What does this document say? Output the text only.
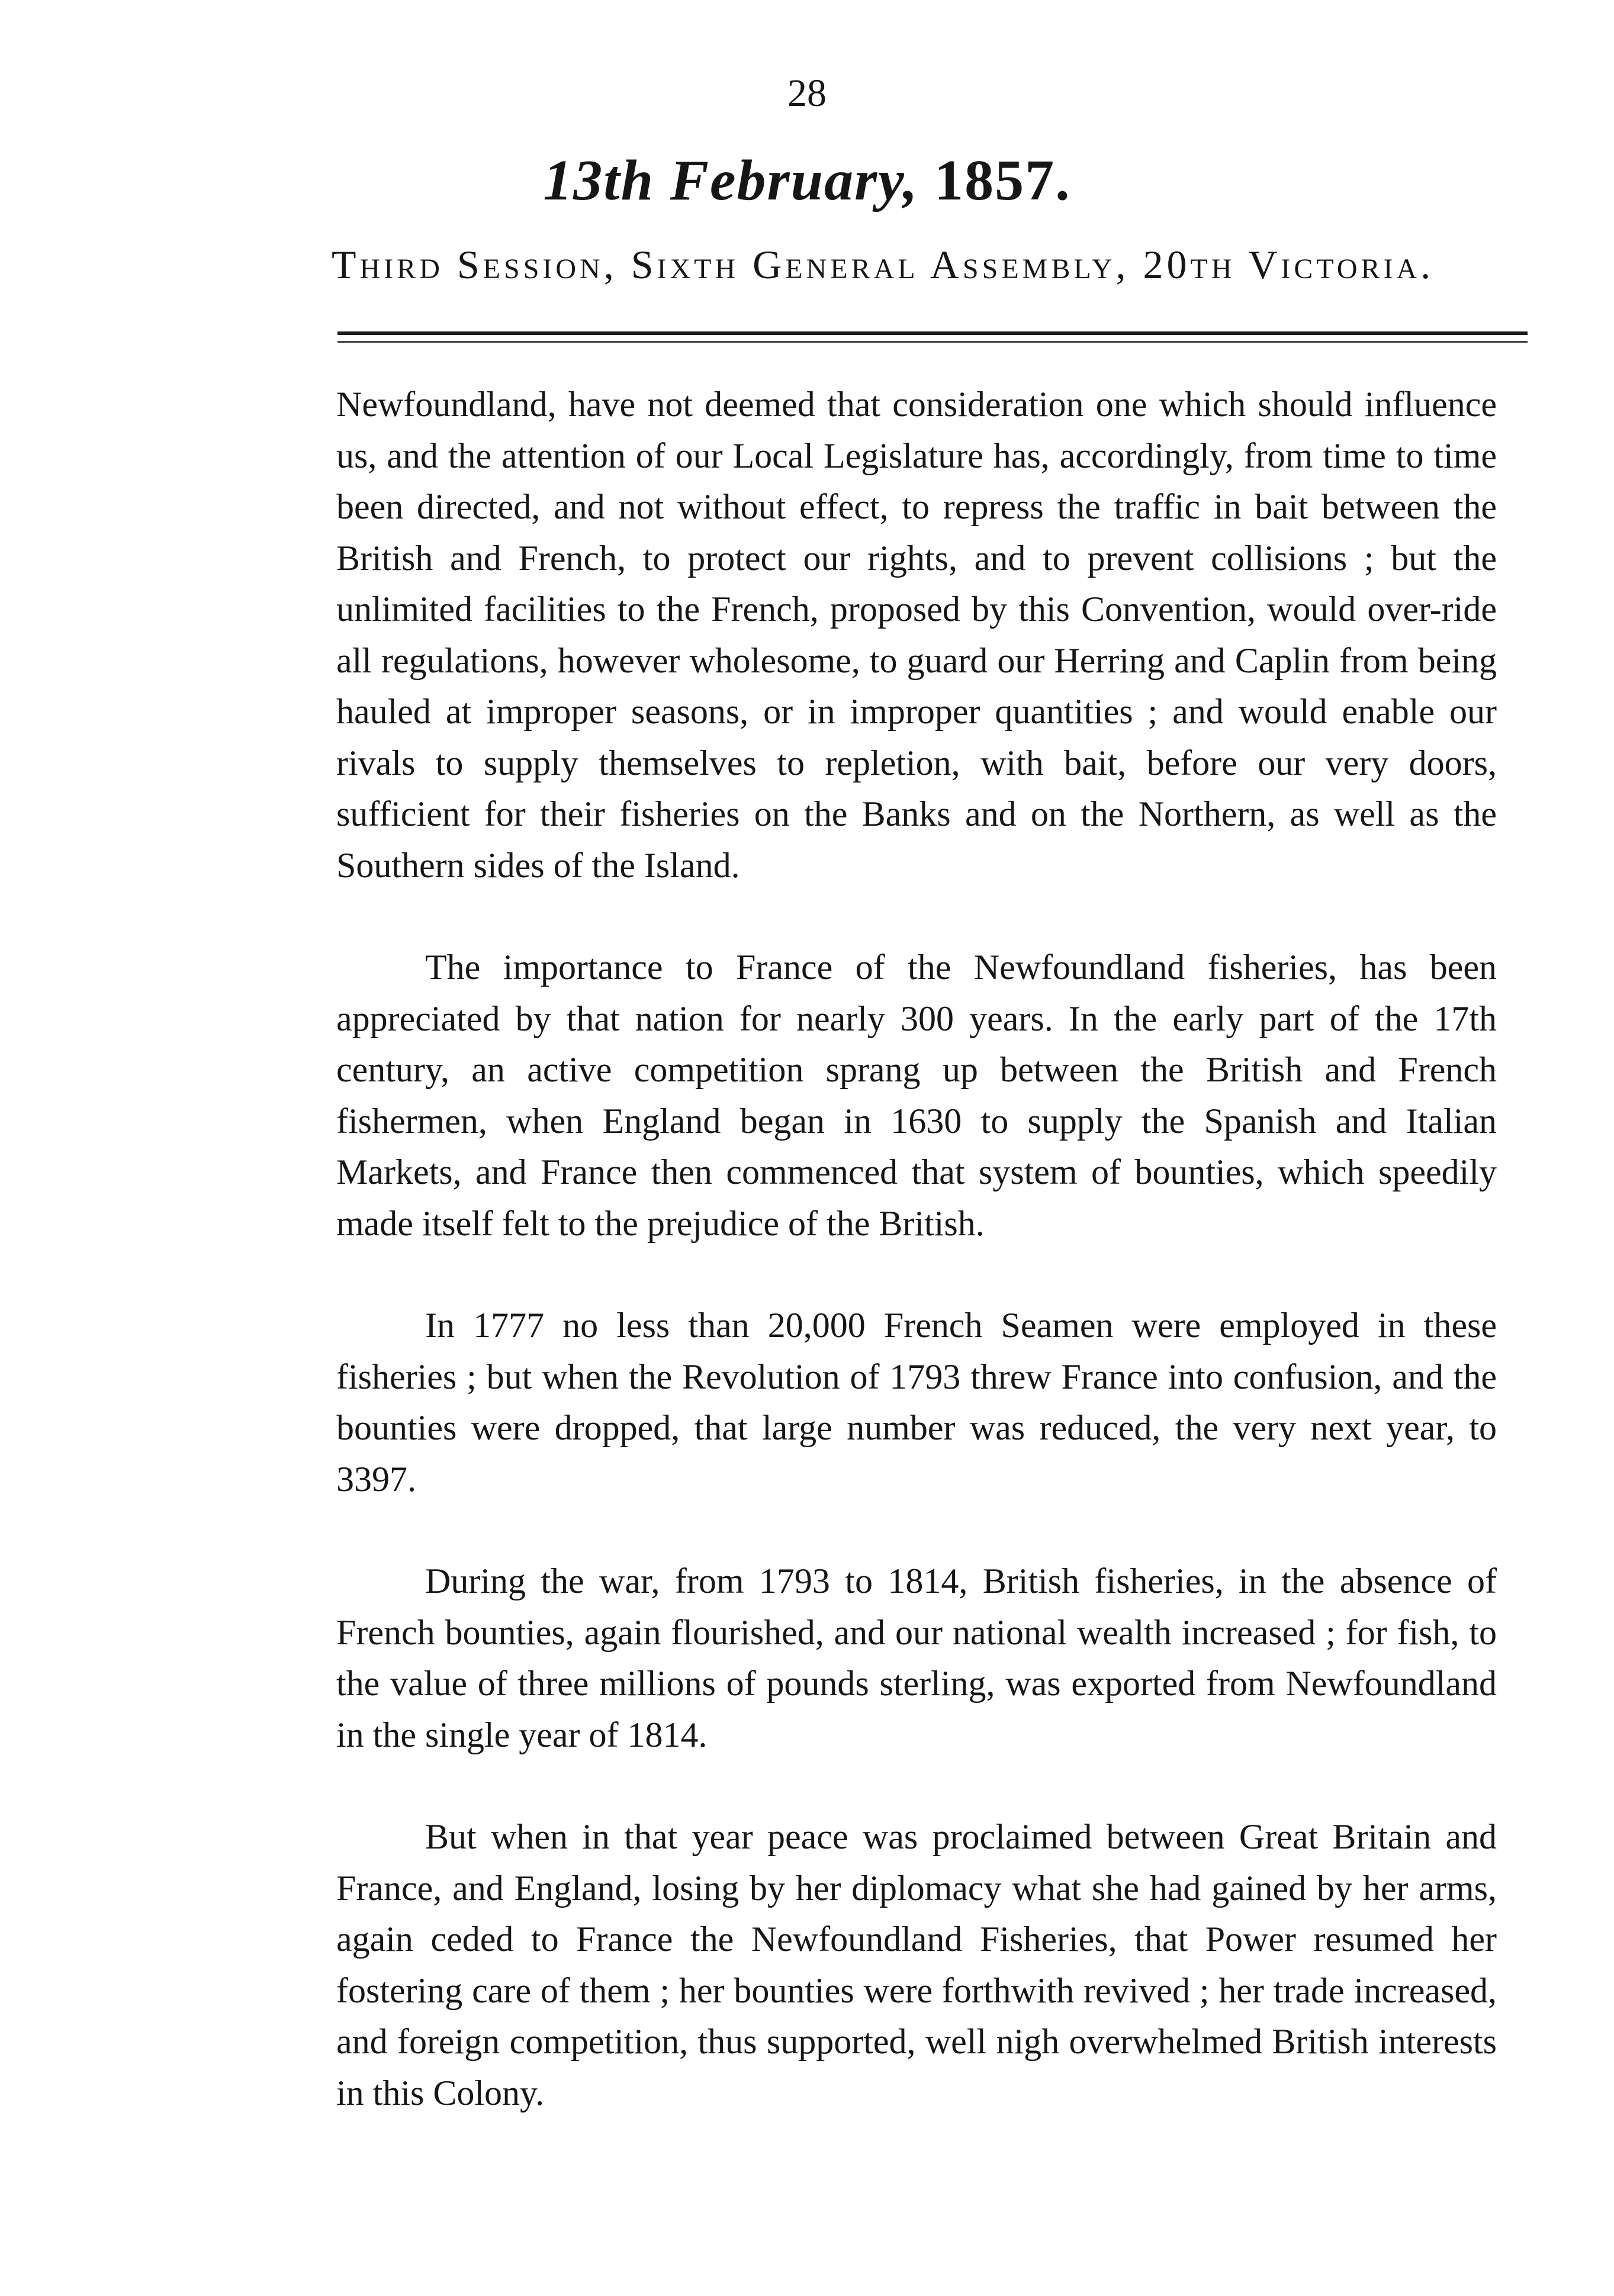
28
13th February, 1857.
Third Session, Sixth General Assembly, 20th Victoria.

Newfoundland, have not deemed that consideration one which should influence us, and the attention of our Local Legislature has, accordingly, from time to time been directed, and not without effect, to repress the traffic in bait between the British and French, to protect our rights, and to prevent collisions ; but the unlimited facilities to the French, proposed by this Convention, would over-ride all regulations, however wholesome, to guard our Herring and Caplin from being hauled at improper seasons, or in improper quantities ; and would enable our rivals to supply themselves to repletion, with bait, before our very doors, sufficient for their fisheries on the Banks and on the Northern, as well as the Southern sides of the Island.

The importance to France of the Newfoundland fisheries, has been appreciated by that nation for nearly 300 years. In the early part of the 17th century, an active competition sprang up between the British and French fishermen, when England began in 1630 to supply the Spanish and Italian Markets, and France then commenced that system of bounties, which speedily made itself felt to the prejudice of the British.

In 1777 no less than 20,000 French Seamen were employed in these fisheries ; but when the Revolution of 1793 threw France into confusion, and the bounties were dropped, that large number was reduced, the very next year, to 3397.

During the war, from 1793 to 1814, British fisheries, in the absence of French bounties, again flourished, and our national wealth increased ; for fish, to the value of three millions of pounds sterling, was exported from Newfoundland in the single year of 1814.

But when in that year peace was proclaimed between Great Britain and France, and England, losing by her diplomacy what she had gained by her arms, again ceded to France the Newfoundland Fisheries, that Power resumed her fostering care of them ; her bounties were forthwith revived ; her trade increased, and foreign competition, thus supported, well nigh overwhelmed British interests in this Colony.
